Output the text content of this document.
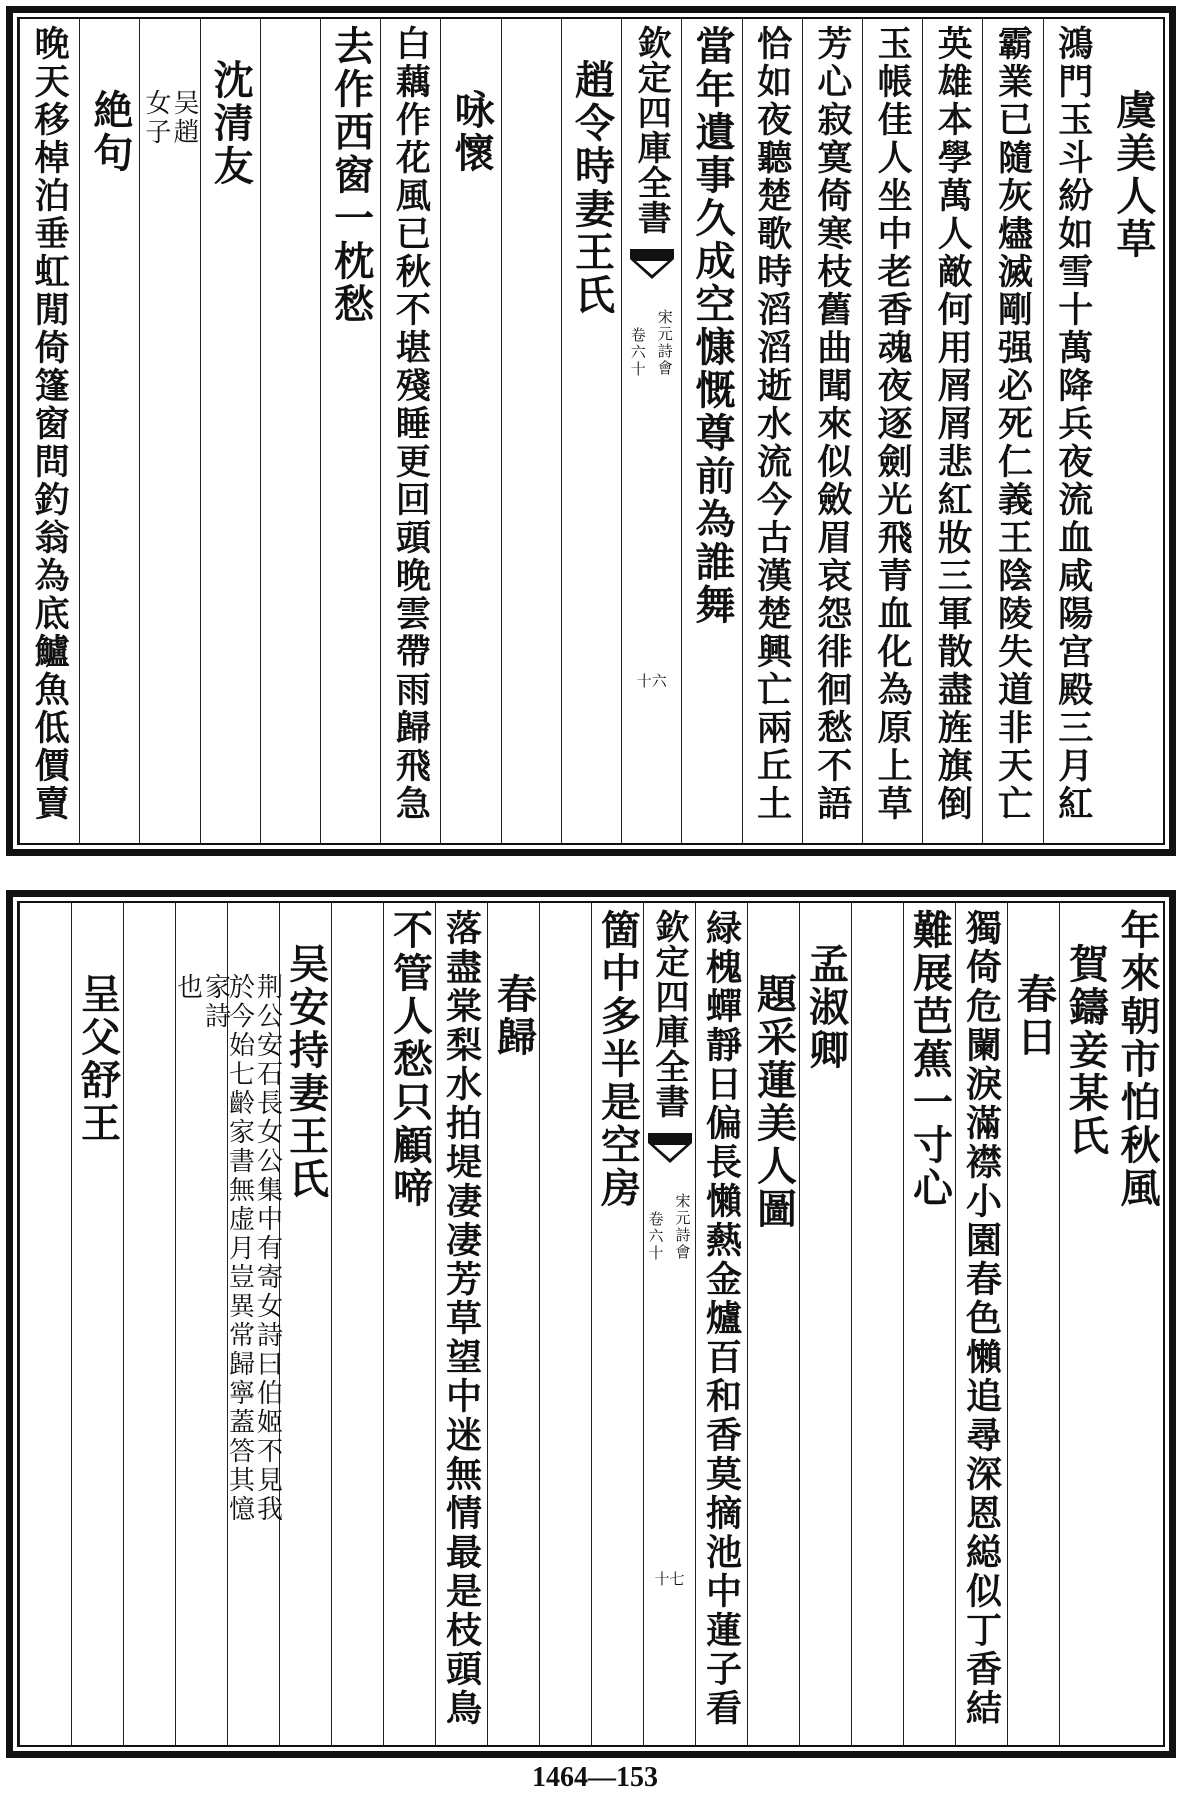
虞美人草
鴻門玉斗紛如雪十萬降兵夜流血咸陽宫殿三月紅
霸業已隨灰燼滅剛强必死仁義王陰陵失道非天亡
英雄本學萬人敵何用屑屑悲紅妝三軍散盡旌旗倒
玉帳佳人坐中老香魂夜逐劍光飛青血化為原上草
芳心寂寞倚寒枝舊曲聞來似斂眉哀怨徘徊愁不語
恰如夜聽楚歌時滔滔逝水流今古漢楚興亡兩丘土
當年遺事久成空慷慨尊前為誰舞
欽定四庫全書
宋元詩會
卷六十
十六
趙令時妻王氏
咏懷
白藕作花風已秋不堪殘睡更回頭晚雲帶雨歸飛急
去作西窗一枕愁
沈清友
吴趙
女子
絶句
晚天移棹泊垂虹閒倚篷窗問釣翁為底鱸魚低價賣
年來朝市怕秋風
賀鑄妾某氏
春日
獨倚危闌淚滿襟小園春色懶追尋深恩縂似丁香結
難展芭蕉一寸心
孟淑卿
題采蓮美人圖
緑槐蟬靜日偏長懶爇金爐百和香莫摘池中蓮子看
欽定四庫全書
宋元詩會
卷六十
十七
箇中多半是空房
春歸
落盡棠梨水拍堤凄凄芳草望中迷無情最是枝頭鳥
不管人愁只顧啼
吴安持妻王氏
荆公安石長女公集中有寄女詩曰伯姬不見我
於今始七齡家書無虚月豈異常歸寧蓋答其憶
家詩
也
呈父舒王
1464—153
